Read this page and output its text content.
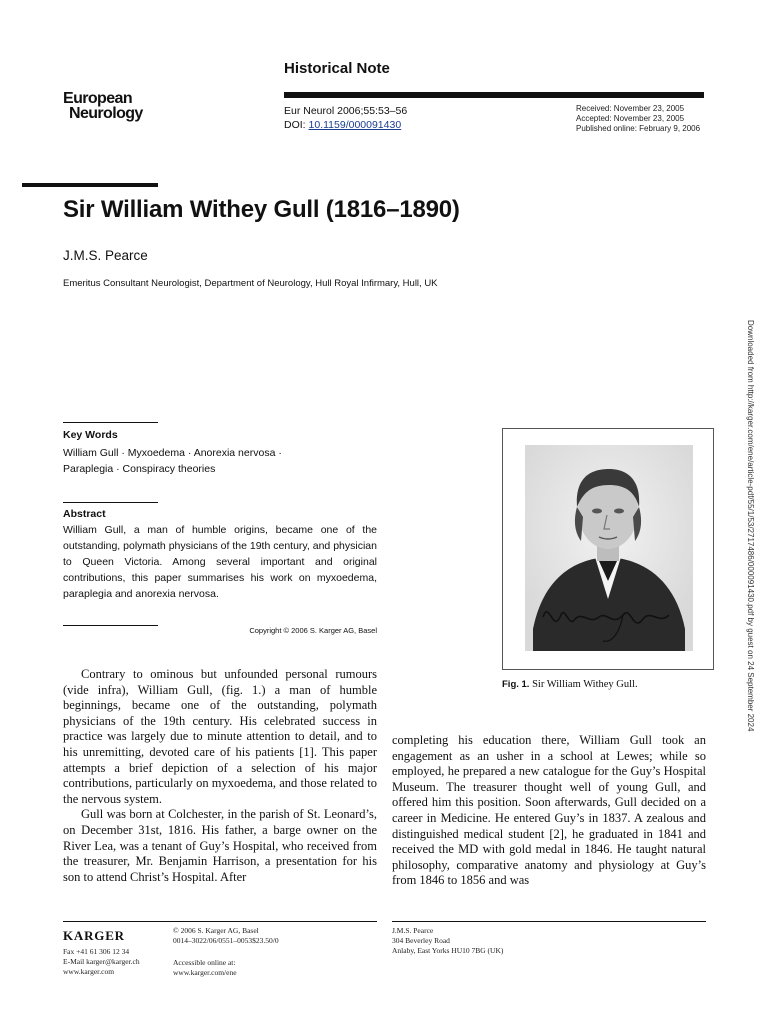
Historical Note
European
Neurology	Eur Neurol 2006;55:53–56
DOI: 10.1159/000091430
Received: November 23, 2005
Accepted: November 23, 2005
Published online: February 9, 2006
Sir William Withey Gull (1816–1890)
J.M.S. Pearce
Emeritus Consultant Neurologist, Department of Neurology, Hull Royal Infirmary, Hull, UK
Key Words
William Gull · Myxoedema · Anorexia nervosa ·
Paraplegia · Conspiracy theories
Abstract
William Gull, a man of humble origins, became one of the outstanding, polymath physicians of the 19th century, and physician to Queen Victoria. Among several important and original contributions, this paper summarises his work on myxoedema, paraplegia and anorexia nervosa.
Copyright © 2006 S. Karger AG, Basel
Fig. 1. Sir William Withey Gull.

Contrary to ominous but unfounded personal rumours (vide infra), William Gull, (fig. 1.) a man of humble beginnings, became one of the outstanding, polymath physicians of the 19th century. His celebrated success in practice was largely due to minute attention to detail, and to his unremitting, devoted care of his patients [1]. This paper attempts a brief depiction of a selection of his major contributions, particularly on myxoedema, and those related to the nervous system.

Gull was born at Colchester, in the parish of St. Leonard’s, on December 31st, 1816. His father, a barge owner on the River Lea, was a tenant of Guy’s Hospital, who received from the treasurer, Mr. Benjamin Harrison, a presentation for his son to attend Christ’s Hospital. After

completing his education there, William Gull took an engagement as an usher in a school at Lewes; while so employed, he prepared a new catalogue for the Guy’s Hospital Museum. The treasurer thought well of young Gull, and offered him this position. Soon afterwards, Gull decided on a career in Medicine. He entered Guy’s in 1837. A zealous and distinguished medical student [2], he graduated in 1841 and received the MD with gold medal in 1846. He taught natural philosophy, comparative anatomy and physiology at Guy’s from 1846 to 1856 and was

Downloaded from http://karger.com/ene/article-pdf/55/1/53/2717486/000091430.pdf by guest on 24 September 2024
KARGER
Fax +41 61 306 12 34
E-Mail karger@karger.ch
www.karger.com
© 2006 S. Karger AG, Basel
0014–3022/06/0551–0053$23.50/0
Accessible online at:
www.karger.com/ene
J.M.S. Pearce
304 Beverley Road
Anlaby, East Yorks HU10 7BG (UK)
